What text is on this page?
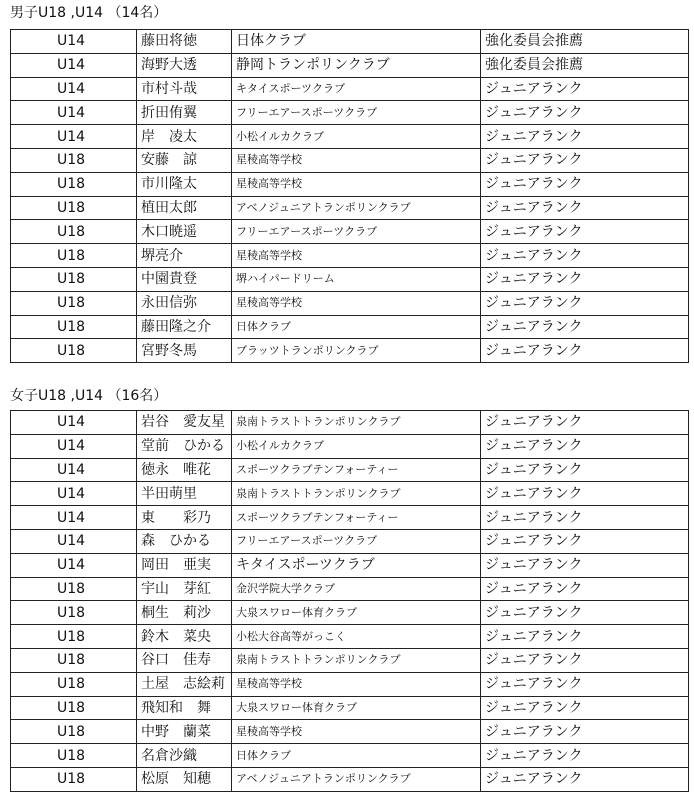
男子U18 ,U14 （14名）
U14	藤田将徳	日体クラブ	強化委員会推薦
U14	海野大透	静岡トランポリンクラブ	強化委員会推薦
U14	市村斗哉	キタイスポーツクラブ	ジュニアランク
U14	折田侑翼	フリーエアースポーツクラブ	ジュニアランク
U14	岸　凌太	小松イルカクラブ	ジュニアランク
U18	安藤　諒	星稜高等学校	ジュニアランク
U18	市川隆太	星稜高等学校	ジュニアランク
U18	植田太郎	アベノジュニアトランポリンクラブ	ジュニアランク
U18	木口暁遥	フリーエアースポーツクラブ	ジュニアランク
U18	堺亮介	星稜高等学校	ジュニアランク
U18	中園貴登	堺ハイパードリーム	ジュニアランク
U18	永田信弥	星稜高等学校	ジュニアランク
U18	藤田隆之介	日体クラブ	ジュニアランク
U18	宮野冬馬	ブラッツトランポリンクラブ	ジュニアランク
女子U18 ,U14 （16名）
U14	岩谷　愛友星	泉南トラストトランポリンクラブ	ジュニアランク
U14	堂前　ひかる	小松イルカクラブ	ジュニアランク
U14	徳永　唯花	スポーツクラブテンフォーティー	ジュニアランク
U14	半田萌里	泉南トラストトランポリンクラブ	ジュニアランク
U14	東　　彩乃	スポーツクラブテンフォーティー	ジュニアランク
U14	森　ひかる	フリーエアースポーツクラブ	ジュニアランク
U14	岡田　亜実	キタイスポーツクラブ	ジュニアランク
U18	宇山　芽紅	金沢学院大学クラブ	ジュニアランク
U18	桐生　莉沙	大泉スワロー体育クラブ	ジュニアランク
U18	鈴木　菜央	小松大谷高等がっこく	ジュニアランク
U18	谷口　佳寿	泉南トラストトランポリンクラブ	ジュニアランク
U18	土屋　志絵莉	星稜高等学校	ジュニアランク
U18	飛知和　舞	大泉スワロー体育クラブ	ジュニアランク
U18	中野　蘭菜	星稜高等学校	ジュニアランク
U18	名倉沙織	日体クラブ	ジュニアランク
U18	松原　知穂	アベノジュニアトランポリンクラブ	ジュニアランク
